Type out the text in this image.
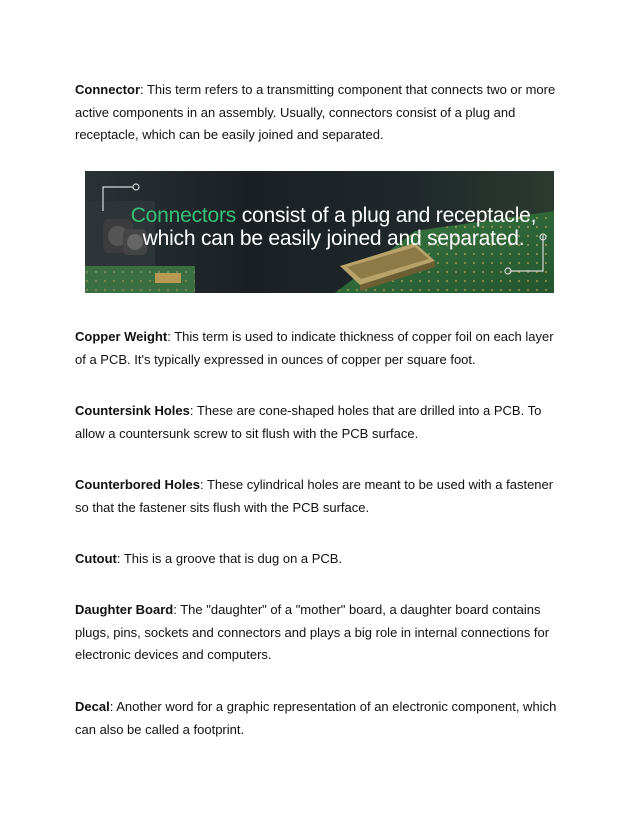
Connector: This term refers to a transmitting component that connects two or more active components in an assembly. Usually, connectors consist of a plug and receptacle, which can be easily joined and separated.

Connectors consist of a plug and receptacle,
which can be easily joined and separated.

Copper Weight: This term is used to indicate thickness of copper foil on each layer of a PCB. It's typically expressed in ounces of copper per square foot.

Countersink Holes: These are cone-shaped holes that are drilled into a PCB. To allow a countersunk screw to sit flush with the PCB surface.

Counterbored Holes: These cylindrical holes are meant to be used with a fastener so that the fastener sits flush with the PCB surface.

Cutout: This is a groove that is dug on a PCB.

Daughter Board: The "daughter" of a "mother" board, a daughter board contains plugs, pins, sockets and connectors and plays a big role in internal connections for electronic devices and computers.

Decal: Another word for a graphic representation of an electronic component, which can also be called a footprint.
